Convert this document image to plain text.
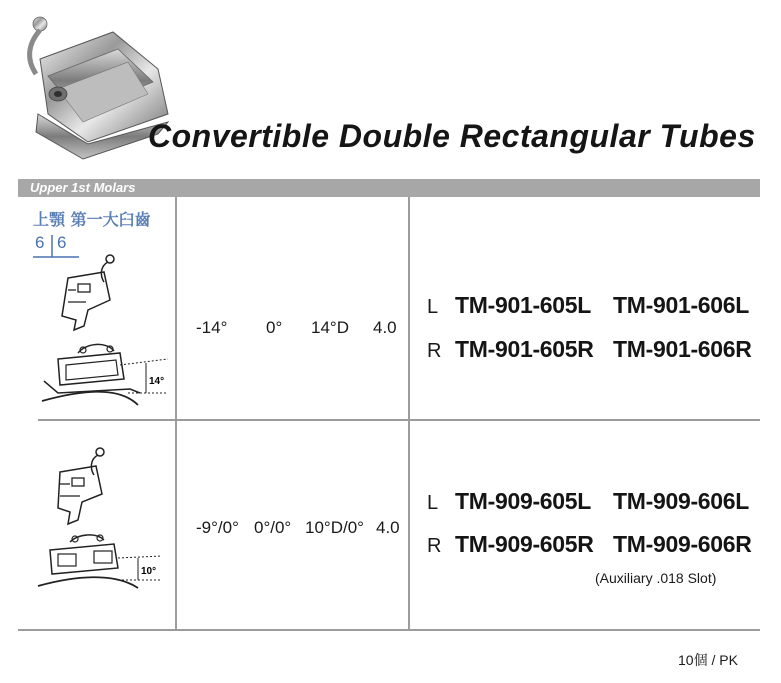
Convertible Double Rectangular Tubes
Upper 1st Molars
上顎 第一大臼齒
6 6
14°
-14° 0° 14°D 4.0
L TM-901-605L TM-901-606L
R TM-901-605R TM-901-606R
10°
-9°/0° 0°/0° 10°D/0° 4.0
L TM-909-605L TM-909-606L
R TM-909-605R TM-909-606R
(Auxiliary .018 Slot)
10個 / PK
